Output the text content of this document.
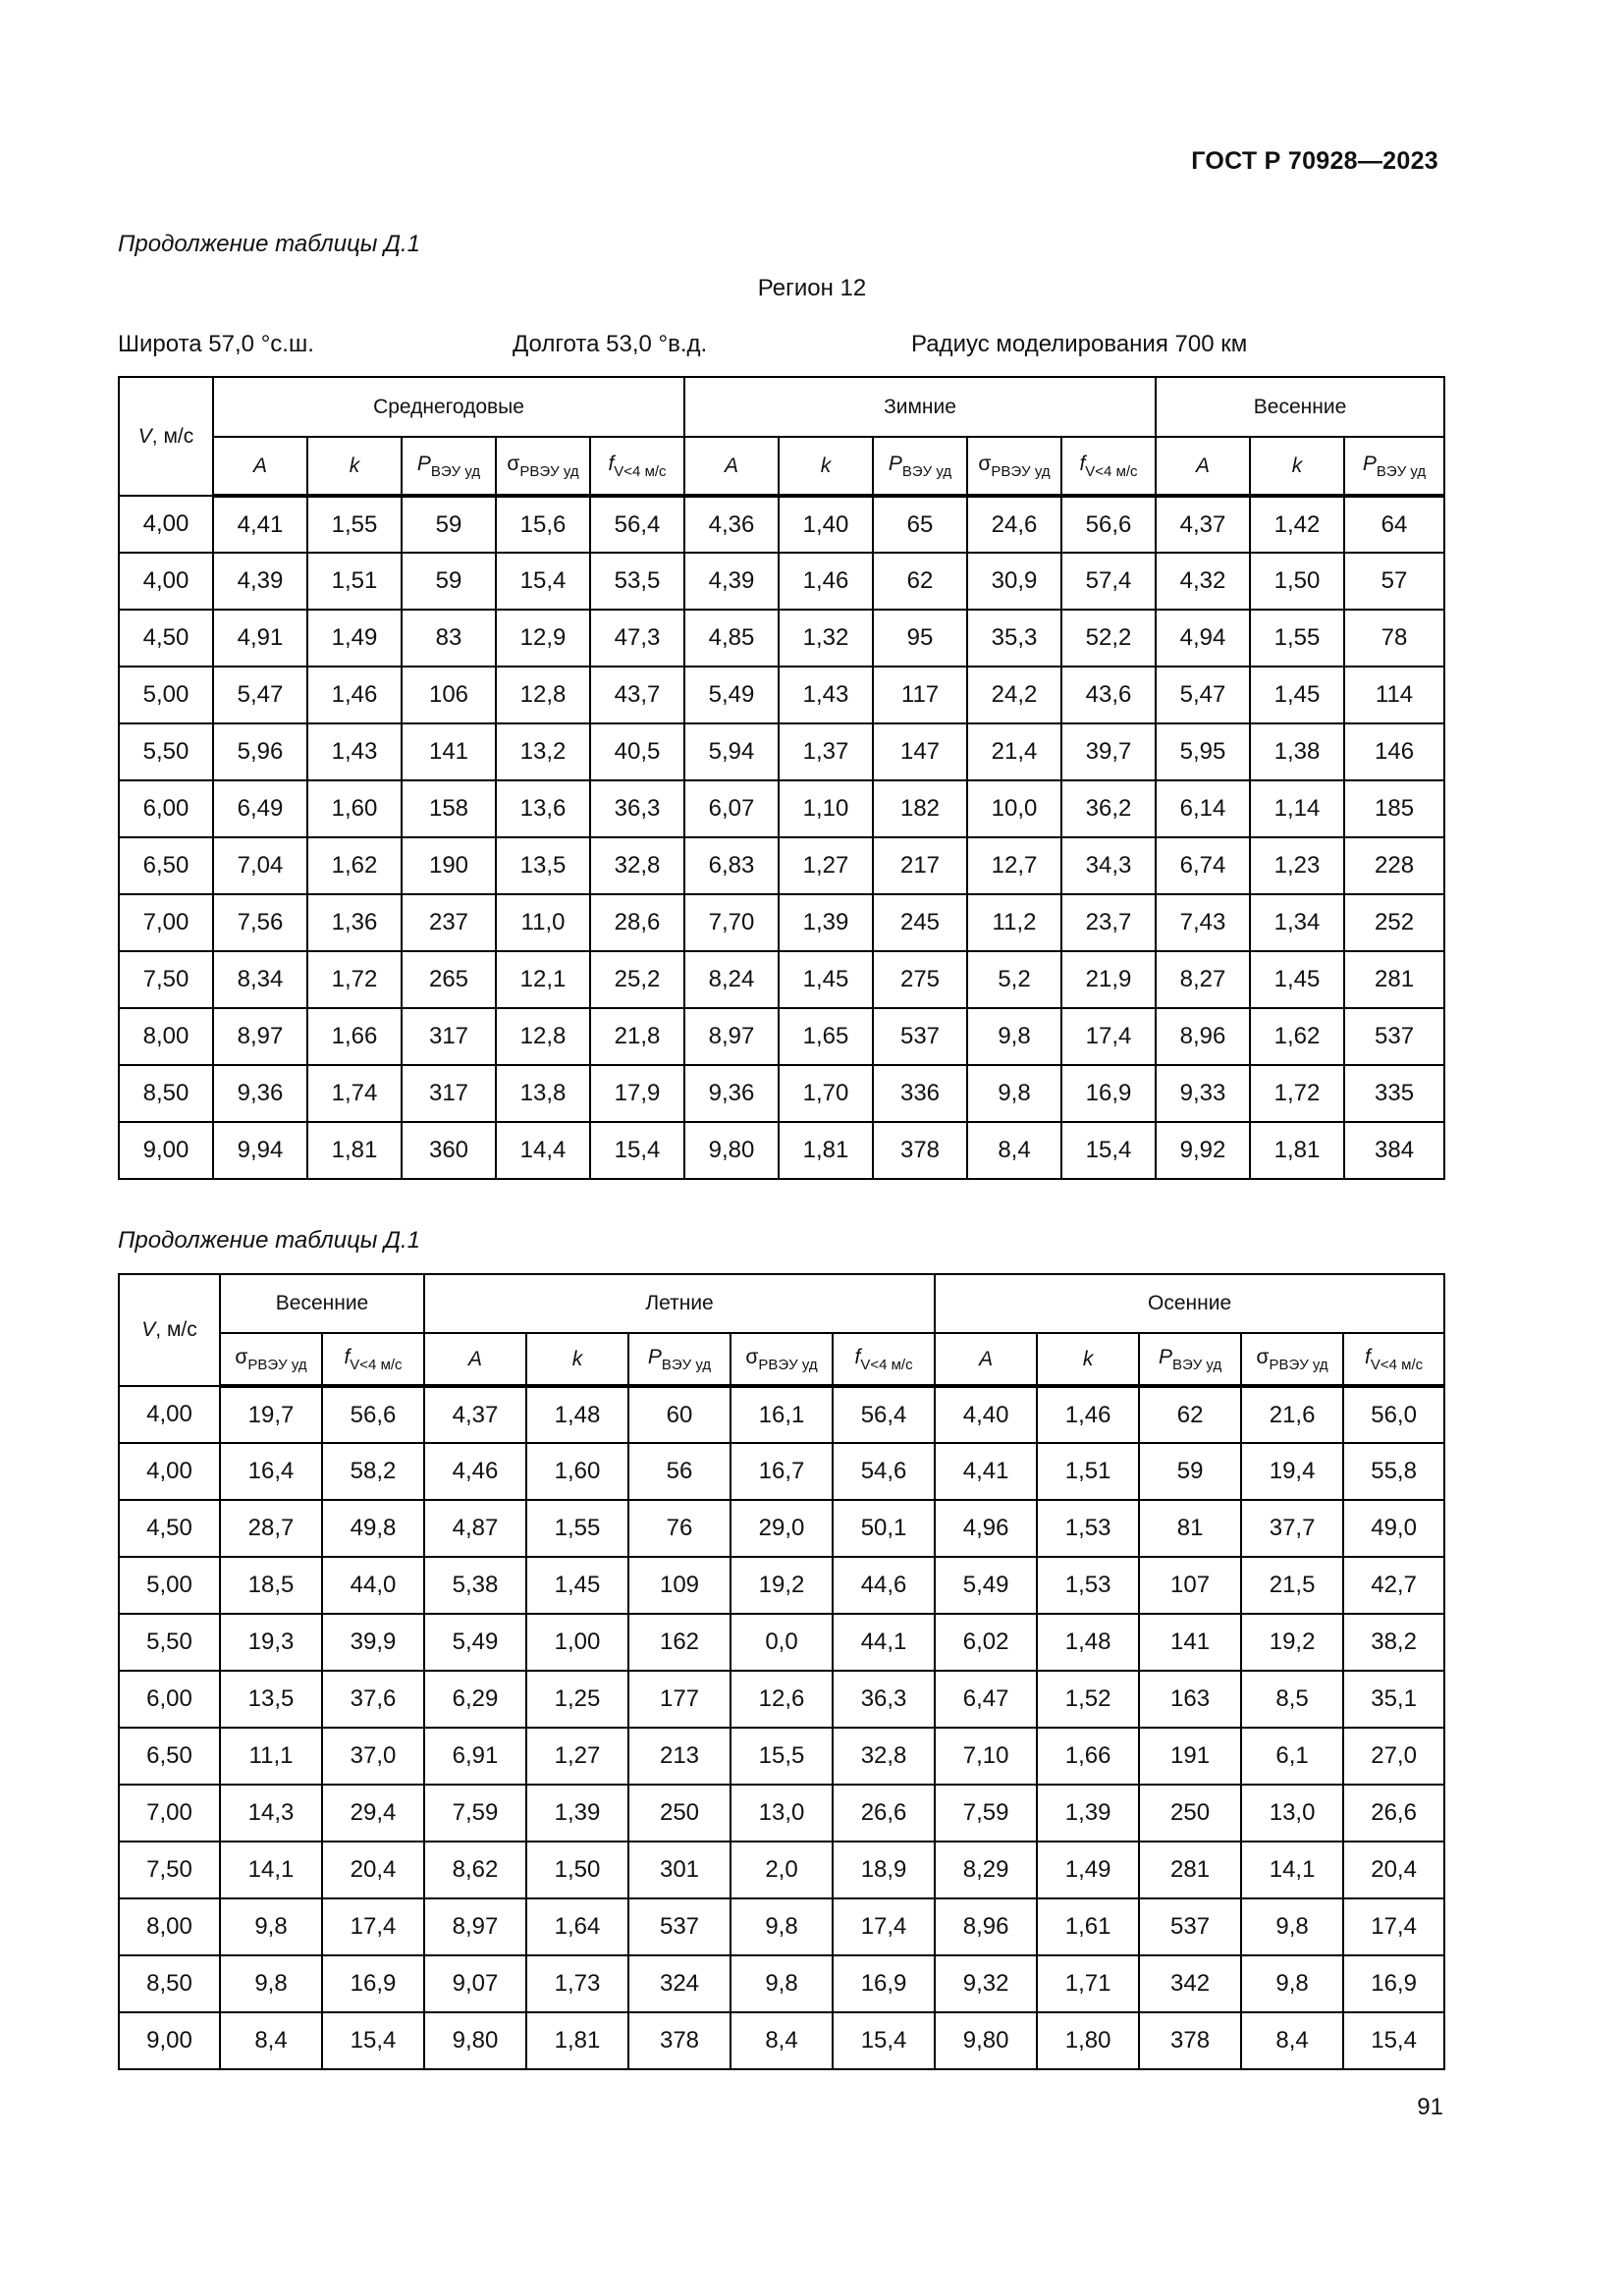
ГОСТ Р 70928—2023
Продолжение таблицы Д.1
Регион 12
Широта 57,0 °с.ш.	Долгота 53,0 °в.д.	Радиус моделирования 700 км
V, м/с	Среднегодовые					Зимние					Весенние		
	A	k	$P_{ВЭУ уд}$	$\sigma_{PВЭУ уд}$	$f_{V<4 м/с}$	A	k	$P_{ВЭУ уд}$	$\sigma_{PВЭУ уд}$	$f_{V<4 м/с}$	A	k	$P_{ВЭУ уд}$
4,00	4,41	1,55	59	15,6	56,4	4,36	1,40	65	24,6	56,6	4,37	1,42	64
4,00	4,39	1,51	59	15,4	53,5	4,39	1,46	62	30,9	57,4	4,32	1,50	57
4,50	4,91	1,49	83	12,9	47,3	4,85	1,32	95	35,3	52,2	4,94	1,55	78
5,00	5,47	1,46	106	12,8	43,7	5,49	1,43	117	24,2	43,6	5,47	1,45	114
5,50	5,96	1,43	141	13,2	40,5	5,94	1,37	147	21,4	39,7	5,95	1,38	146
6,00	6,49	1,60	158	13,6	36,3	6,07	1,10	182	10,0	36,2	6,14	1,14	185
6,50	7,04	1,62	190	13,5	32,8	6,83	1,27	217	12,7	34,3	6,74	1,23	228
7,00	7,56	1,36	237	11,0	28,6	7,70	1,39	245	11,2	23,7	7,43	1,34	252
7,50	8,34	1,72	265	12,1	25,2	8,24	1,45	275	5,2	21,9	8,27	1,45	281
8,00	8,97	1,66	317	12,8	21,8	8,97	1,65	537	9,8	17,4	8,96	1,62	537
8,50	9,36	1,74	317	13,8	17,9	9,36	1,70	336	9,8	16,9	9,33	1,72	335
9,00	9,94	1,81	360	14,4	15,4	9,80	1,81	378	8,4	15,4	9,92	1,81	384
Продолжение таблицы Д.1
V, м/с	Весенние		Летние					Осенние				
	$\sigma_{PВЭУ уд}$	$f_{V<4 м/с}$	A	k	$P_{ВЭУ уд}$	$\sigma_{PВЭУ уд}$	$f_{V<4 м/с}$	A	k	$P_{ВЭУ уд}$	$\sigma_{PВЭУ уд}$	$f_{V<4 м/с}$
4,00	19,7	56,6	4,37	1,48	60	16,1	56,4	4,40	1,46	62	21,6	56,0
4,00	16,4	58,2	4,46	1,60	56	16,7	54,6	4,41	1,51	59	19,4	55,8
4,50	28,7	49,8	4,87	1,55	76	29,0	50,1	4,96	1,53	81	37,7	49,0
5,00	18,5	44,0	5,38	1,45	109	19,2	44,6	5,49	1,53	107	21,5	42,7
5,50	19,3	39,9	5,49	1,00	162	0,0	44,1	6,02	1,48	141	19,2	38,2
6,00	13,5	37,6	6,29	1,25	177	12,6	36,3	6,47	1,52	163	8,5	35,1
6,50	11,1	37,0	6,91	1,27	213	15,5	32,8	7,10	1,66	191	6,1	27,0
7,00	14,3	29,4	7,59	1,39	250	13,0	26,6	7,59	1,39	250	13,0	26,6
7,50	14,1	20,4	8,62	1,50	301	2,0	18,9	8,29	1,49	281	14,1	20,4
8,00	9,8	17,4	8,97	1,64	537	9,8	17,4	8,96	1,61	537	9,8	17,4
8,50	9,8	16,9	9,07	1,73	324	9,8	16,9	9,32	1,71	342	9,8	16,9
9,00	8,4	15,4	9,80	1,81	378	8,4	15,4	9,80	1,80	378	8,4	15,4
91
